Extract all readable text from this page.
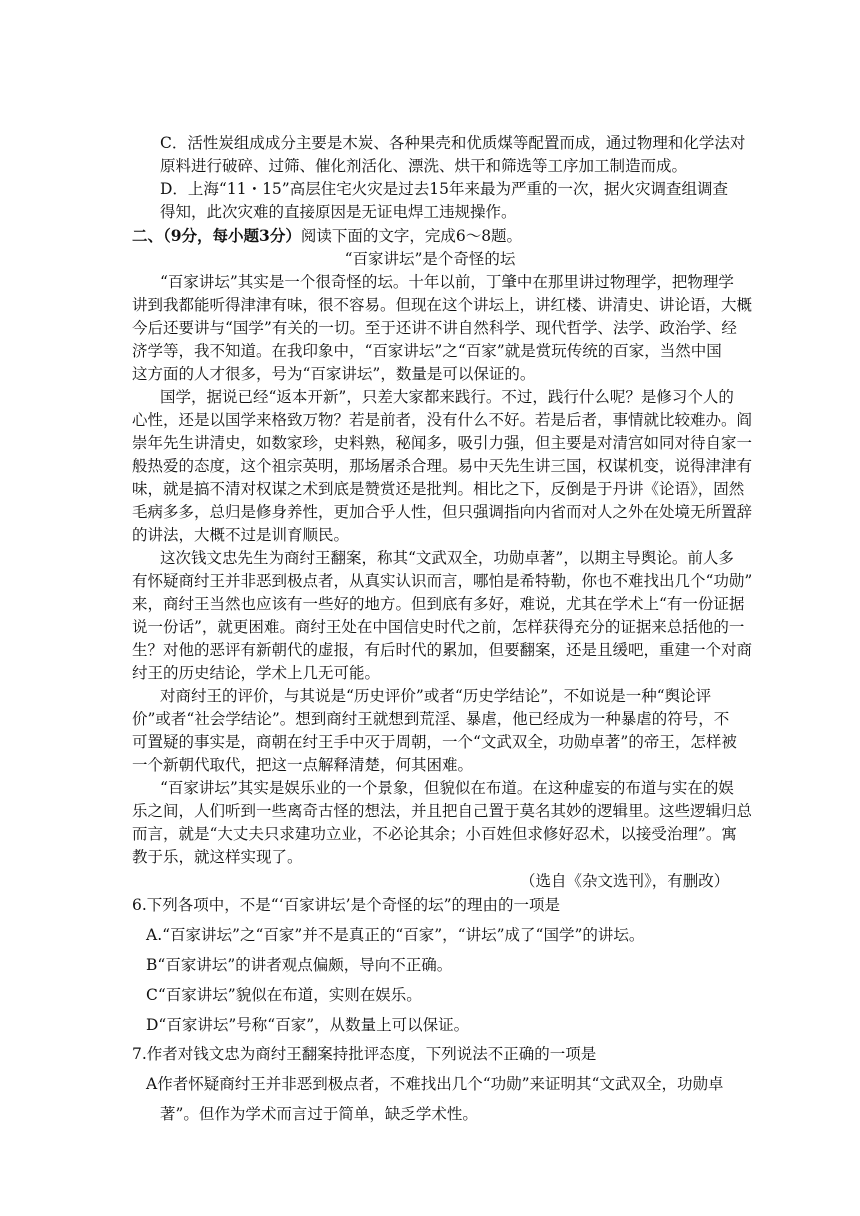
C．活性炭组成成分主要是木炭、各种果壳和优质煤等配置而成，通过物理和化学法对
原料进行破碎、过筛、催化剂活化、漂洗、烘干和筛选等工序加工制造而成。
D．上海“11・15”高层住宅火灾是过去15年来最为严重的一次，据火灾调查组调查
得知，此次灾难的直接原因是无证电焊工违规操作。
二、（9分，每小题3分）阅读下面的文字，完成6～8题。
“百家讲坛”是个奇怪的坛
“百家讲坛”其实是一个很奇怪的坛。十年以前，丁肇中在那里讲过物理学，把物理学
讲到我都能听得津津有味，很不容易。但现在这个讲坛上，讲红楼、讲清史、讲论语，大概
今后还要讲与“国学”有关的一切。至于还讲不讲自然科学、现代哲学、法学、政治学、经
济学等，我不知道。在我印象中，“百家讲坛”之“百家”就是赏玩传统的百家，当然中国
这方面的人才很多，号为“百家讲坛”，数量是可以保证的。
国学，据说已经“返本开新”，只差大家都来践行。不过，践行什么呢？是修习个人的
心性，还是以国学来格致万物？若是前者，没有什么不好。若是后者，事情就比较难办。阎
崇年先生讲清史，如数家珍，史料熟，秘闻多，吸引力强，但主要是对清宫如同对待自家一
般热爱的态度，这个祖宗英明，那场屠杀合理。易中天先生讲三国，权谋机变，说得津津有
味，就是搞不清对权谋之术到底是赞赏还是批判。相比之下，反倒是于丹讲《论语》，固然
毛病多多，总归是修身养性，更加合乎人性，但只强调指向内省而对人之外在处境无所置辞
的讲法，大概不过是训育顺民。
这次钱文忠先生为商纣王翻案，称其“文武双全，功勋卓著”，以期主导舆论。前人多
有怀疑商纣王并非恶到极点者，从真实认识而言，哪怕是希特勒，你也不难找出几个“功勋”
来，商纣王当然也应该有一些好的地方。但到底有多好，难说，尤其在学术上“有一份证据
说一份话”，就更困难。商纣王处在中国信史时代之前，怎样获得充分的证据来总括他的一
生？对他的恶评有新朝代的虚报，有后时代的累加，但要翻案，还是且缓吧，重建一个对商
纣王的历史结论，学术上几无可能。
对商纣王的评价，与其说是“历史评价”或者“历史学结论”，不如说是一种“舆论评
价”或者“社会学结论”。想到商纣王就想到荒淫、暴虐，他已经成为一种暴虐的符号，不
可置疑的事实是，商朝在纣王手中灭于周朝，一个“文武双全，功勋卓著”的帝王，怎样被
一个新朝代取代，把这一点解释清楚，何其困难。
“百家讲坛”其实是娱乐业的一个景象，但貌似在布道。在这种虚妄的布道与实在的娱
乐之间，人们听到一些离奇古怪的想法，并且把自己置于莫名其妙的逻辑里。这些逻辑归总
而言，就是“大丈夫只求建功立业，不必论其余；小百姓但求修好忍术，以接受治理”。寓
教于乐，就这样实现了。
（选自《杂文选刊》，有删改）
6.下列各项中，不是“‘百家讲坛’是个奇怪的坛”的理由的一项是
A.“百家讲坛”之“百家”并不是真正的“百家”，“讲坛”成了“国学”的讲坛。
B“百家讲坛”的讲者观点偏颇，导向不正确。
C“百家讲坛”貌似在布道，实则在娱乐。
D“百家讲坛”号称“百家”，从数量上可以保证。
7.作者对钱文忠为商纣王翻案持批评态度，下列说法不正确的一项是
A作者怀疑商纣王并非恶到极点者，不难找出几个“功勋”来证明其“文武双全，功勋卓
著”。但作为学术而言过于简单，缺乏学术性。
